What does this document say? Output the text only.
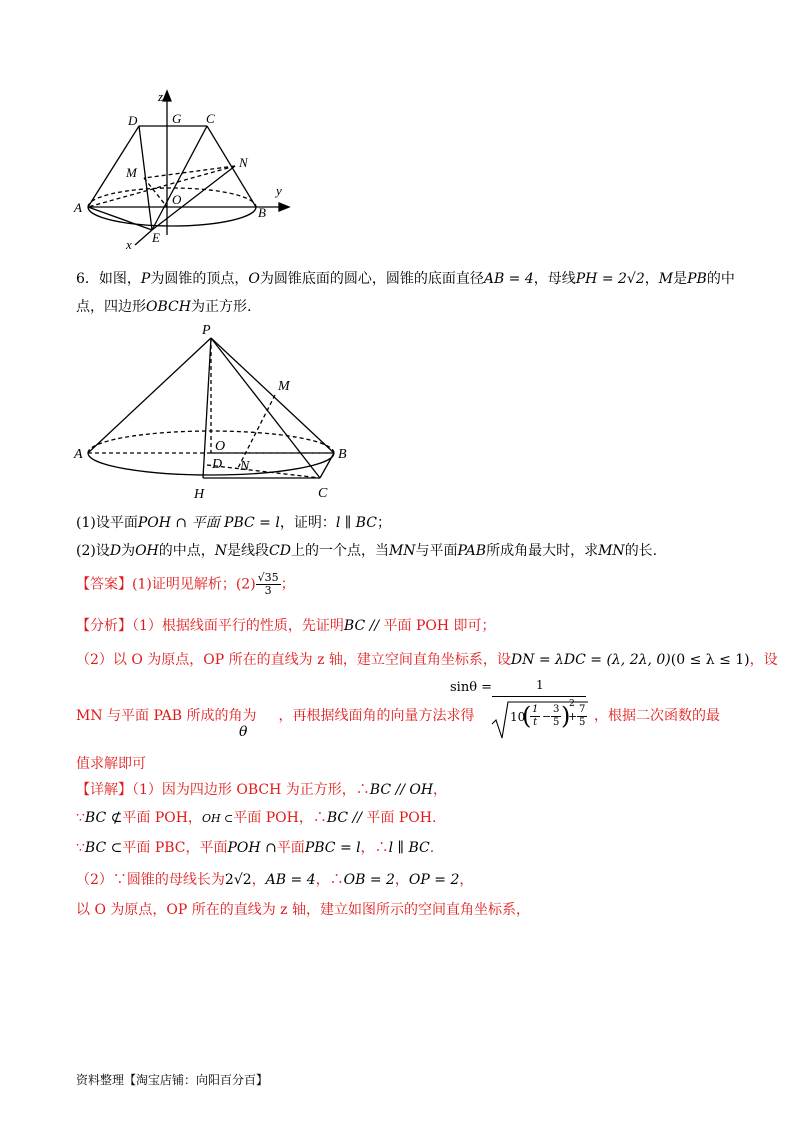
z
D	G C
N
M
O
y
A	B
E
x
6．如图，P为圆锥的顶点，O为圆锥底面的圆心，圆锥的底面直径AB = 4，母线PH = 2√2，M是PB的中
点，四边形OBCH为正方形.
P
M
A
O
D N
B
H	C
(1)设平面POH ∩ 平面 PBC = l，证明：l ∥ BC；
(2)设D为OH的中点，N是线段CD上的一个点，当MN与平面PAB所成角最大时，求MN的长.
【答案】(1)证明见解析；$(2) \frac{√35}{3}$ ；
【分析】（1）根据线面平行的性质，先证明BC // 平面 POH 即可；
（2）以 O 为原点，OP 所在的直线为 z 轴，建立空间直角坐标系，设DN = λDC = (λ, 2λ, 0)(0 ≤ λ ≤ 1)，设
MN 与平面 PAB 所成的角为 ，再根据线面角的向量方法求得
θ
sinθ =	1
10
(
$\frac{1}{t} - \frac{3}{5}$ )
2
+ $\frac{7}{5}$ ，根据二次函数的最
值求解即可
【详解】（1）因为四边形 OBCH 为正方形，∴BC // OH，
∵BC ⊄平面 POH，OH ⊂平面 POH，∴BC // 平面 POH.
∵BC ⊂平面 PBC，平面POH ∩平面PBC = l，∴l ∥ BC.
（2）∵圆锥的母线长为2√2，AB = 4，∴OB = 2，OP = 2，
以 O 为原点，OP 所在的直线为 z 轴，建立如图所示的空间直角坐标系，
资料整理【淘宝店铺：向阳百分百】
